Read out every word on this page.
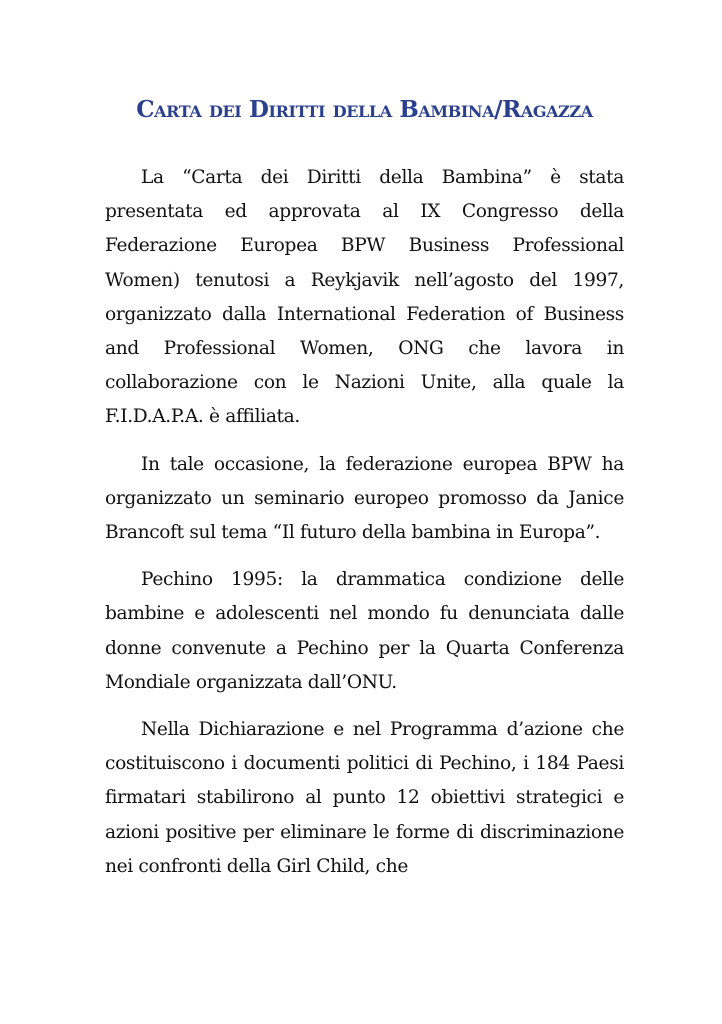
Carta dei Diritti della Bambina/Ragazza

La “Carta dei Diritti della Bambina” è stata presentata ed approvata al IX Congresso della Federazione Europea BPW Business Professional Women) tenutosi a Reykjavik nell’agosto del 1997, organizzato dalla International Federation of Business and Professional Women, ONG che lavora in collaborazione con le Nazioni Unite, alla quale la F.I.D.A.P.A. è affiliata.

In tale occasione, la federazione europea BPW ha organizzato un seminario europeo promosso da Janice Brancoft sul tema “Il futuro della bambina in Europa”.

Pechino 1995: la drammatica condizione delle bambine e adolescenti nel mondo fu denunciata dalle donne convenute a Pechino per la Quarta Conferenza Mondiale organizzata dall’ONU.

Nella Dichiarazione e nel Programma d’azione che costituiscono i documenti politici di Pechino, i 184 Paesi firmatari stabilirono al punto 12 obiettivi strategici e azioni positive per eliminare le forme di discriminazione nei confronti della Girl Child, che
